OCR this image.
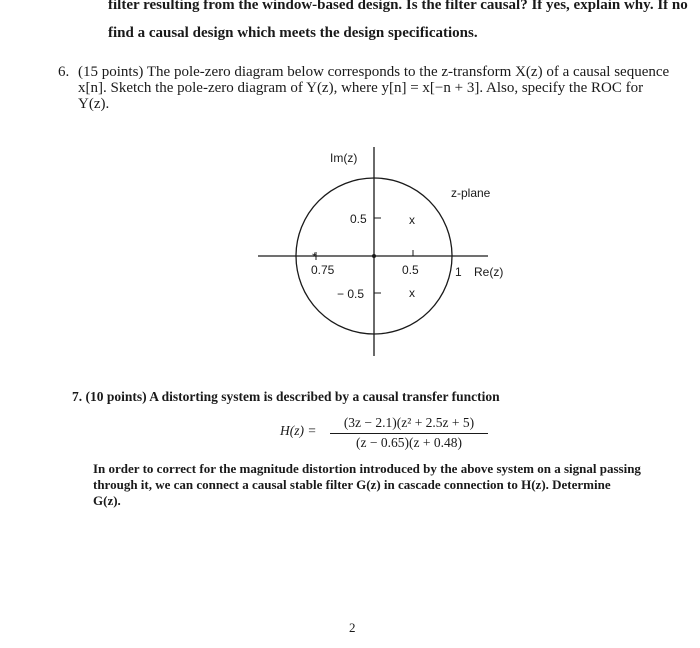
filter resulting from the window-based design. Is the filter causal? If yes, explain why. If no
find a causal design which meets the design specifications.
6. (15 points) The pole-zero diagram below corresponds to the z-transform X(z) of a causal sequence
x[n]. Sketch the pole-zero diagram of Y(z), where y[n] = x[−n + 3]. Also, specify the ROC for
Y(z).
Im(z)
z-plane
0.5
− 0.5
0.5
0.75	1 Re(z)
x
x
*
7. (10 points) A distorting system is described by a causal transfer function
$H(z) = \frac{\text{(3z − 2.1)(z² + 2.5z + 5)}}{(z - 0.65)(z + 0.48)}$
In order to correct for the magnitude distortion introduced by the above system on a signal passing
through it, we can connect a causal stable filter G(z) in cascade connection to H(z). Determine
G(z).
2
